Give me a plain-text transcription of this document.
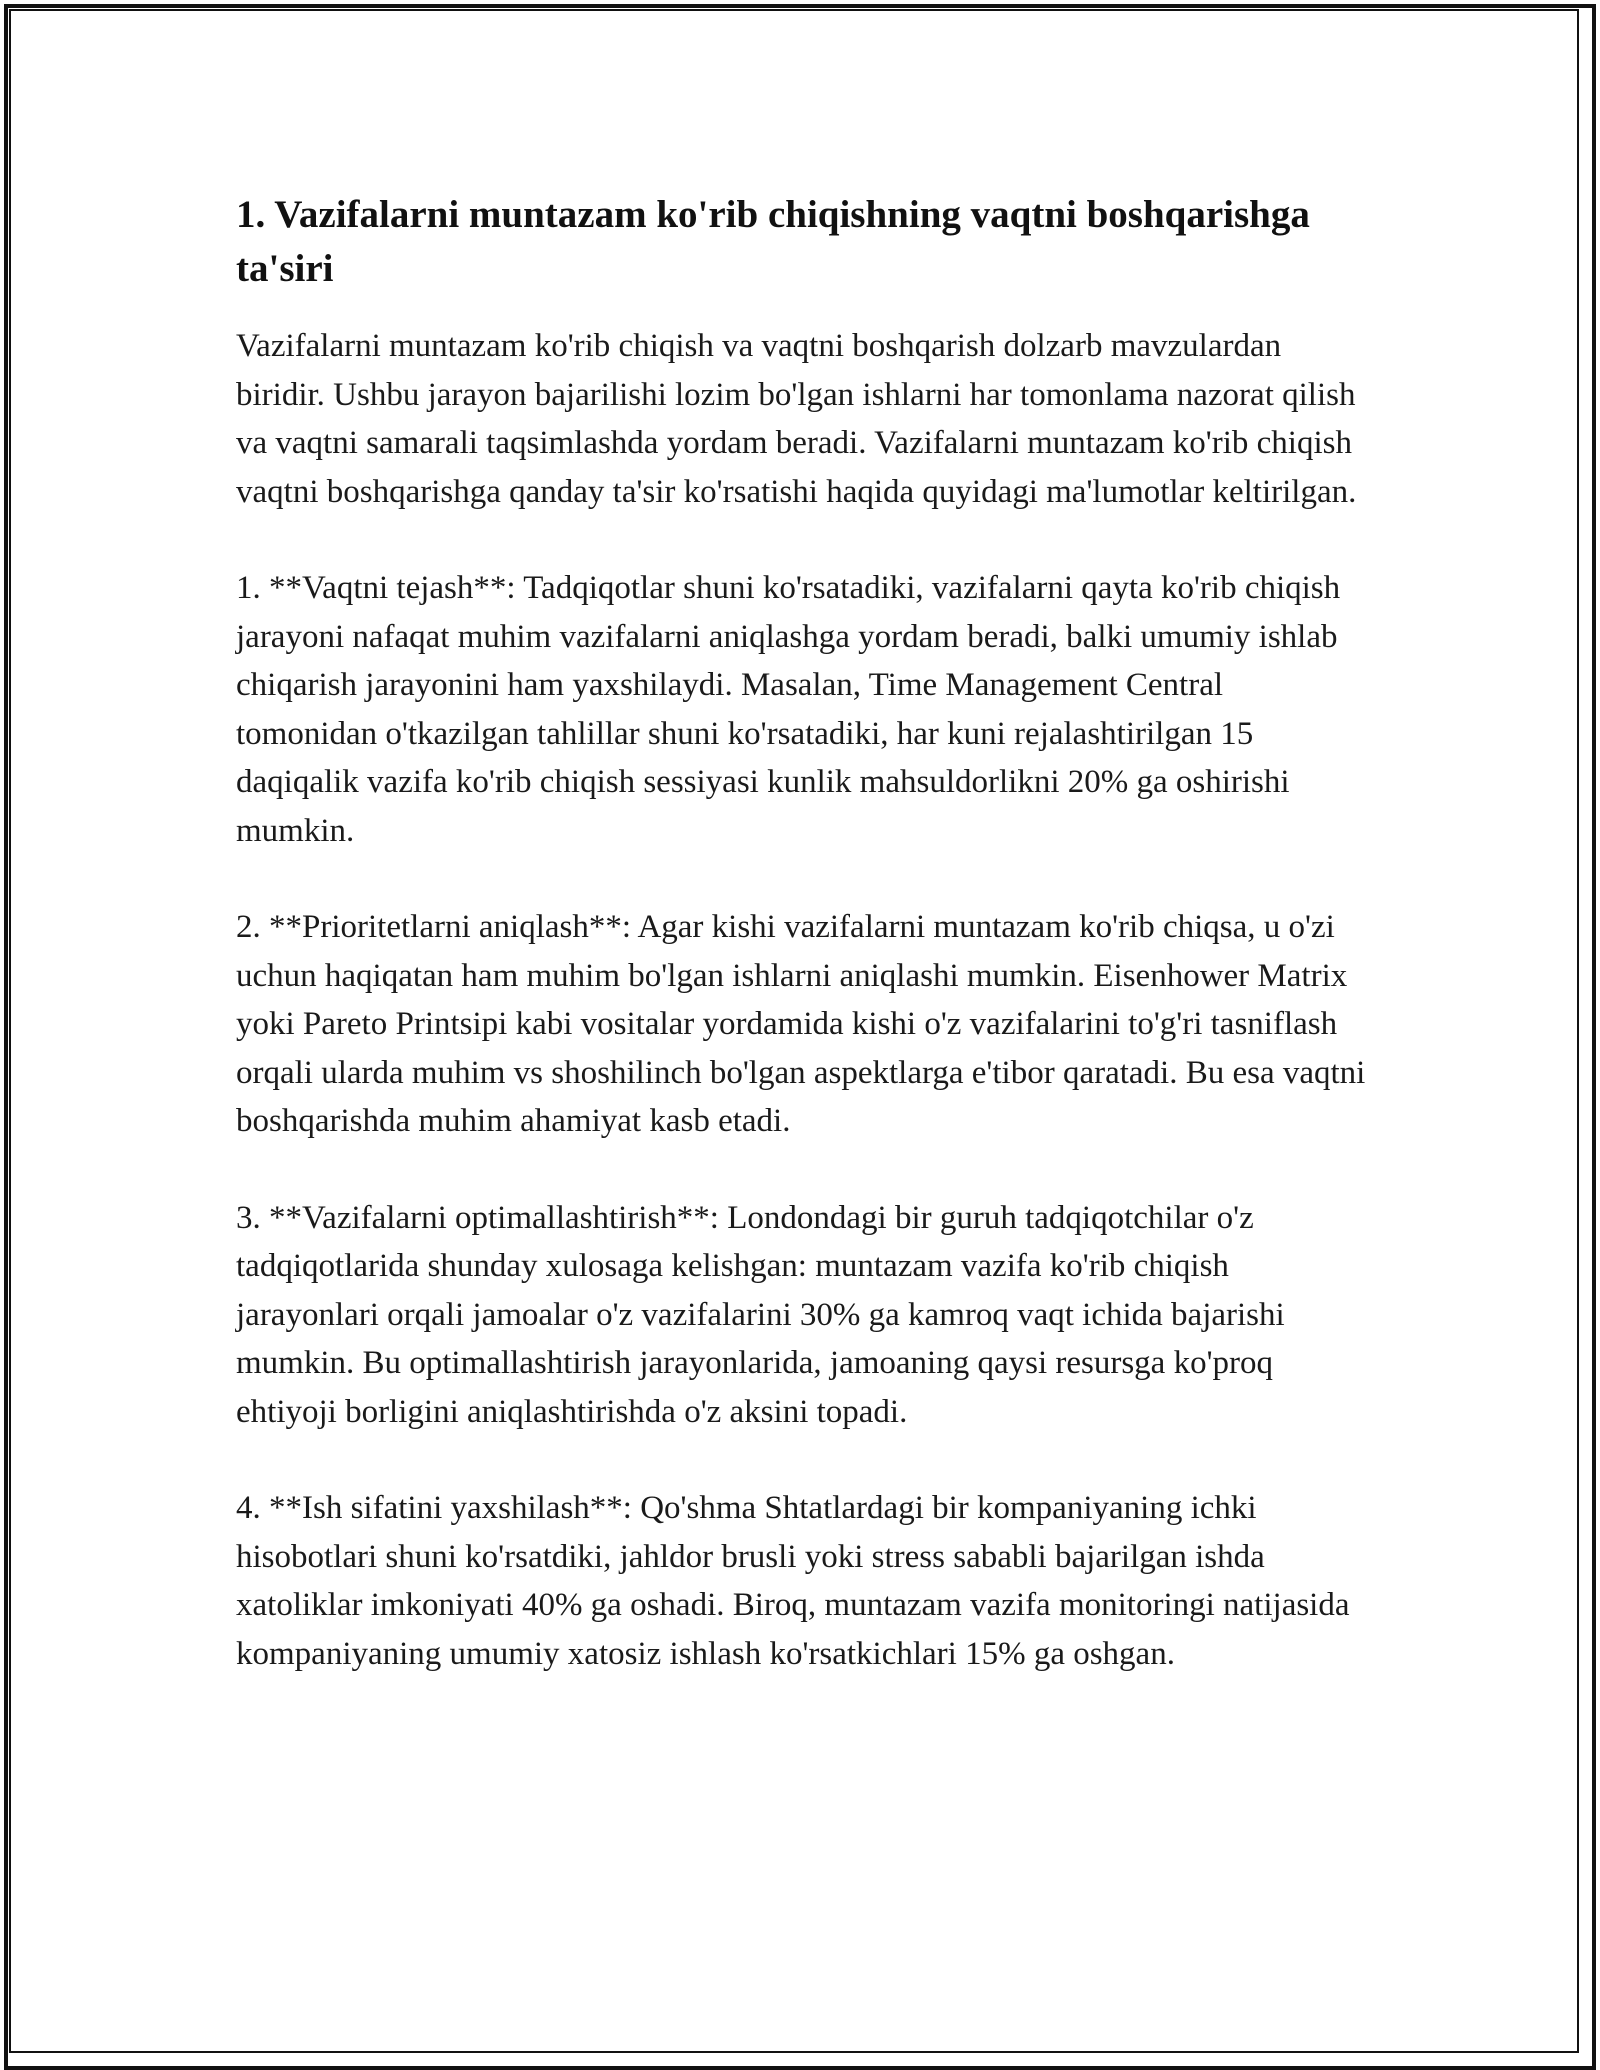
1. Vazifalarni muntazam ko'rib chiqishning vaqtni boshqarishga ta'siri

Vazifalarni muntazam ko'rib chiqish va vaqtni boshqarish dolzarb mavzulardan biridir. Ushbu jarayon bajarilishi lozim bo'lgan ishlarni har tomonlama nazorat qilish va vaqtni samarali taqsimlashda yordam beradi. Vazifalarni muntazam ko'rib chiqish vaqtni boshqarishga qanday ta'sir ko'rsatishi haqida quyidagi ma'lumotlar keltirilgan.

1. **Vaqtni tejash**: Tadqiqotlar shuni ko'rsatadiki, vazifalarni qayta ko'rib chiqish jarayoni nafaqat muhim vazifalarni aniqlashga yordam beradi, balki umumiy ishlab chiqarish jarayonini ham yaxshilaydi. Masalan, Time Management Central tomonidan o'tkazilgan tahlillar shuni ko'rsatadiki, har kuni rejalashtirilgan 15 daqiqalik vazifa ko'rib chiqish sessiyasi kunlik mahsuldorlikni 20% ga oshirishi mumkin.

2. **Prioritetlarni aniqlash**: Agar kishi vazifalarni muntazam ko'rib chiqsa, u o'zi uchun haqiqatan ham muhim bo'lgan ishlarni aniqlashi mumkin. Eisenhower Matrix yoki Pareto Printsipi kabi vositalar yordamida kishi o'z vazifalarini to'g'ri tasniflash orqali ularda muhim vs shoshilinch bo'lgan aspektlarga e'tibor qaratadi. Bu esa vaqtni boshqarishda muhim ahamiyat kasb etadi.

3. **Vazifalarni optimallashtirish**: Londondagi bir guruh tadqiqotchilar o'z tadqiqotlarida shunday xulosaga kelishgan: muntazam vazifa ko'rib chiqish jarayonlari orqali jamoalar o'z vazifalarini 30% ga kamroq vaqt ichida bajarishi mumkin. Bu optimallashtirish jarayonlarida, jamoaning qaysi resursga ko'proq ehtiyoji borligini aniqlashtirishda o'z aksini topadi.

4. **Ish sifatini yaxshilash**: Qo'shma Shtatlardagi bir kompaniyaning ichki hisobotlari shuni ko'rsatdiki, jahldor brusli yoki stress sababli bajarilgan ishda xatoliklar imkoniyati 40% ga oshadi. Biroq, muntazam vazifa monitoringi natijasida kompaniyaning umumiy xatosiz ishlash ko'rsatkichlari 15% ga oshgan.
